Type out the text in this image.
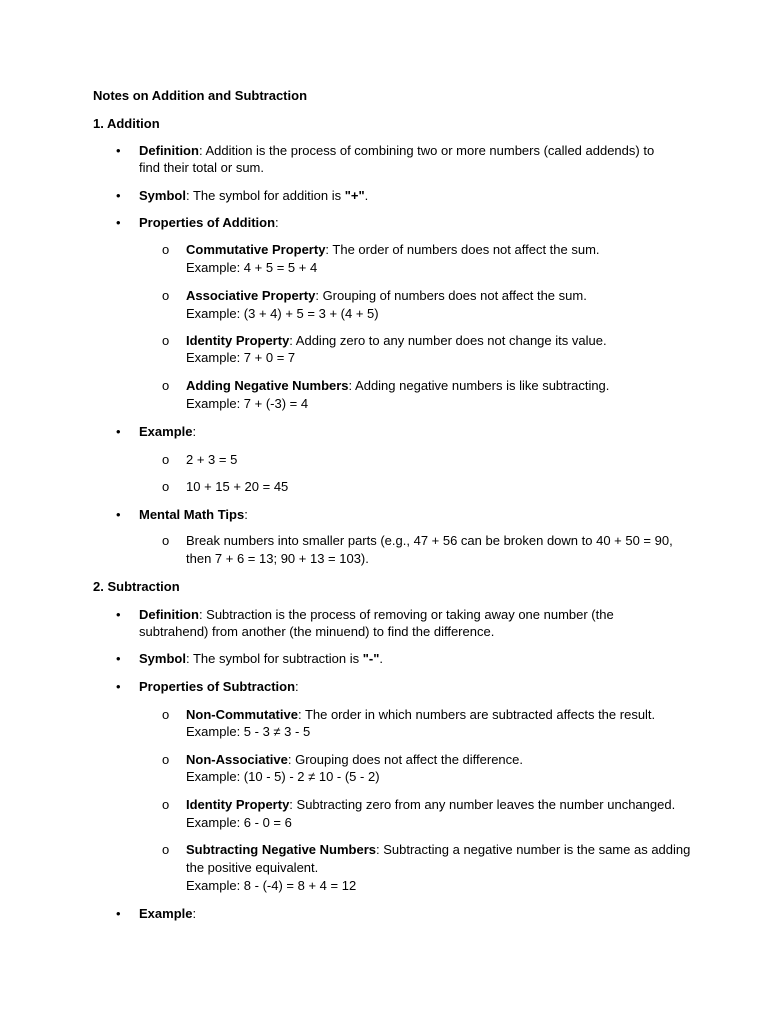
Notes on Addition and Subtraction
1. Addition
• Definition: Addition is the process of combining two or more numbers (called addends) to
find their total or sum.
• Symbol: The symbol for addition is "+".
• Properties of Addition:
o Commutative Property: The order of numbers does not affect the sum.
Example: 4 + 5 = 5 + 4
o Associative Property: Grouping of numbers does not affect the sum.
Example: (3 + 4) + 5 = 3 + (4 + 5)
o Identity Property: Adding zero to any number does not change its value.
Example: 7 + 0 = 7
o Adding Negative Numbers: Adding negative numbers is like subtracting.
Example: 7 + (-3) = 4
• Example:
o 2 + 3 = 5
o 10 + 15 + 20 = 45
• Mental Math Tips:
o Break numbers into smaller parts (e.g., 47 + 56 can be broken down to 40 + 50 = 90,
then 7 + 6 = 13; 90 + 13 = 103).
2. Subtraction
• Definition: Subtraction is the process of removing or taking away one number (the
subtrahend) from another (the minuend) to find the difference.
• Symbol: The symbol for subtraction is "-".
• Properties of Subtraction:
o Non-Commutative: The order in which numbers are subtracted affects the result.
Example: 5 - 3 ≠ 3 - 5
o Non-Associative: Grouping does not affect the difference.
Example: (10 - 5) - 2 ≠ 10 - (5 - 2)
o Identity Property: Subtracting zero from any number leaves the number unchanged.
Example: 6 - 0 = 6
o Subtracting Negative Numbers: Subtracting a negative number is the same as adding
the positive equivalent.
Example: 8 - (-4) = 8 + 4 = 12
• Example:
